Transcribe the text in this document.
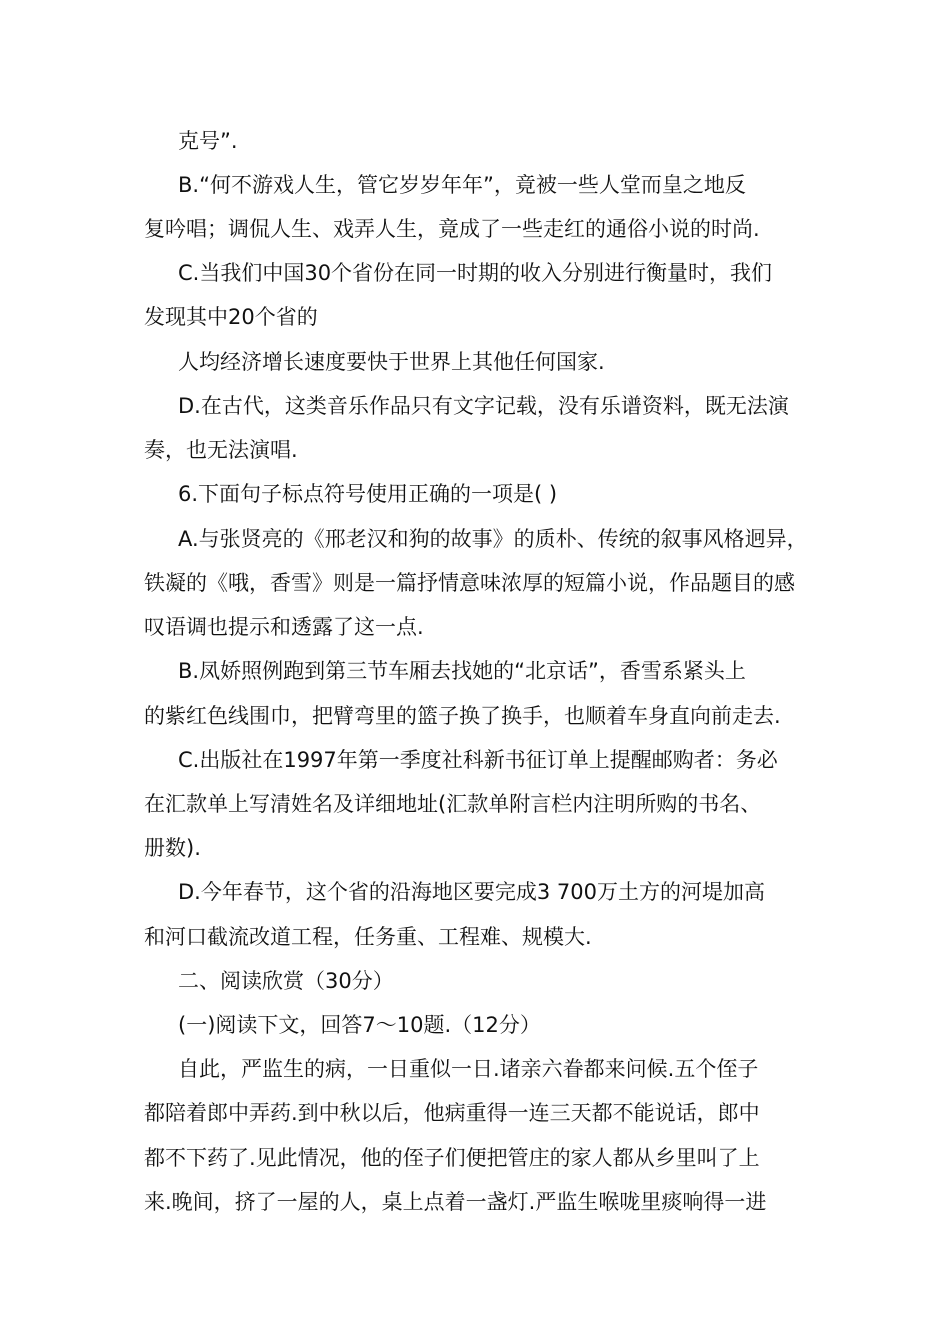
克号”.
B.“何不游戏人生，管它岁岁年年”，竟被一些人堂而皇之地反
复吟唱；调侃人生、戏弄人生，竟成了一些走红的通俗小说的时尚.
C.当我们中国30个省份在同一时期的收入分别进行衡量时，我们
发现其中20个省的
人均经济增长速度要快于世界上其他任何国家.
D.在古代，这类音乐作品只有文字记载，没有乐谱资料，既无法演
奏，也无法演唱.
6.下面句子标点符号使用正确的一项是( )
A.与张贤亮的《邢老汉和狗的故事》的质朴、传统的叙事风格迥异，
铁凝的《哦，香雪》则是一篇抒情意味浓厚的短篇小说，作品题目的感
叹语调也提示和透露了这一点.
B.凤娇照例跑到第三节车厢去找她的“北京话”，香雪系紧头上
的紫红色线围巾，把臂弯里的篮子换了换手，也顺着车身直向前走去.
C.出版社在1997年第一季度社科新书征订单上提醒邮购者：务必
在汇款单上写清姓名及详细地址(汇款单附言栏内注明所购的书名、
册数).
D.今年春节，这个省的沿海地区要完成3 700万土方的河堤加高
和河口截流改道工程，任务重、工程难、规模大.
二、阅读欣赏（30分）
(一)阅读下文，回答7～10题.（12分）
自此，严监生的病，一日重似一日.诸亲六眷都来问候.五个侄子
都陪着郎中弄药.到中秋以后，他病重得一连三天都不能说话，郎中
都不下药了.见此情况，他的侄子们便把管庄的家人都从乡里叫了上
来.晚间，挤了一屋的人，桌上点着一盏灯.严监生喉咙里痰响得一进
